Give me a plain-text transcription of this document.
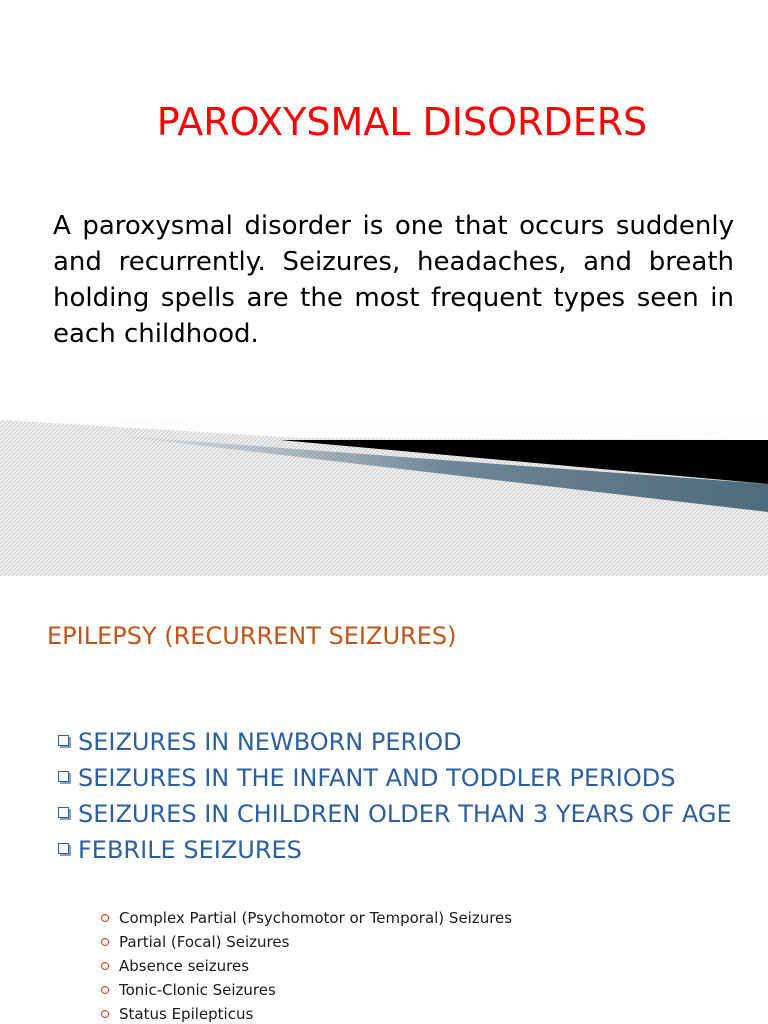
PAROXYSMAL DISORDERS

A paroxysmal disorder is one that occurs suddenly and recurrently. Seizures, headaches, and breath holding spells are the most frequent types seen in each childhood.

EPILEPSY (RECURRENT SEIZURES)
SEIZURES IN NEWBORN PERIOD
SEIZURES IN THE INFANT AND TODDLER PERIODS
SEIZURES IN CHILDREN OLDER THAN 3 YEARS OF AGE
FEBRILE SEIZURES
Complex Partial (Psychomotor or Temporal) Seizures
Partial (Focal) Seizures
Absence seizures
Tonic-Clonic Seizures
Status Epilepticus
